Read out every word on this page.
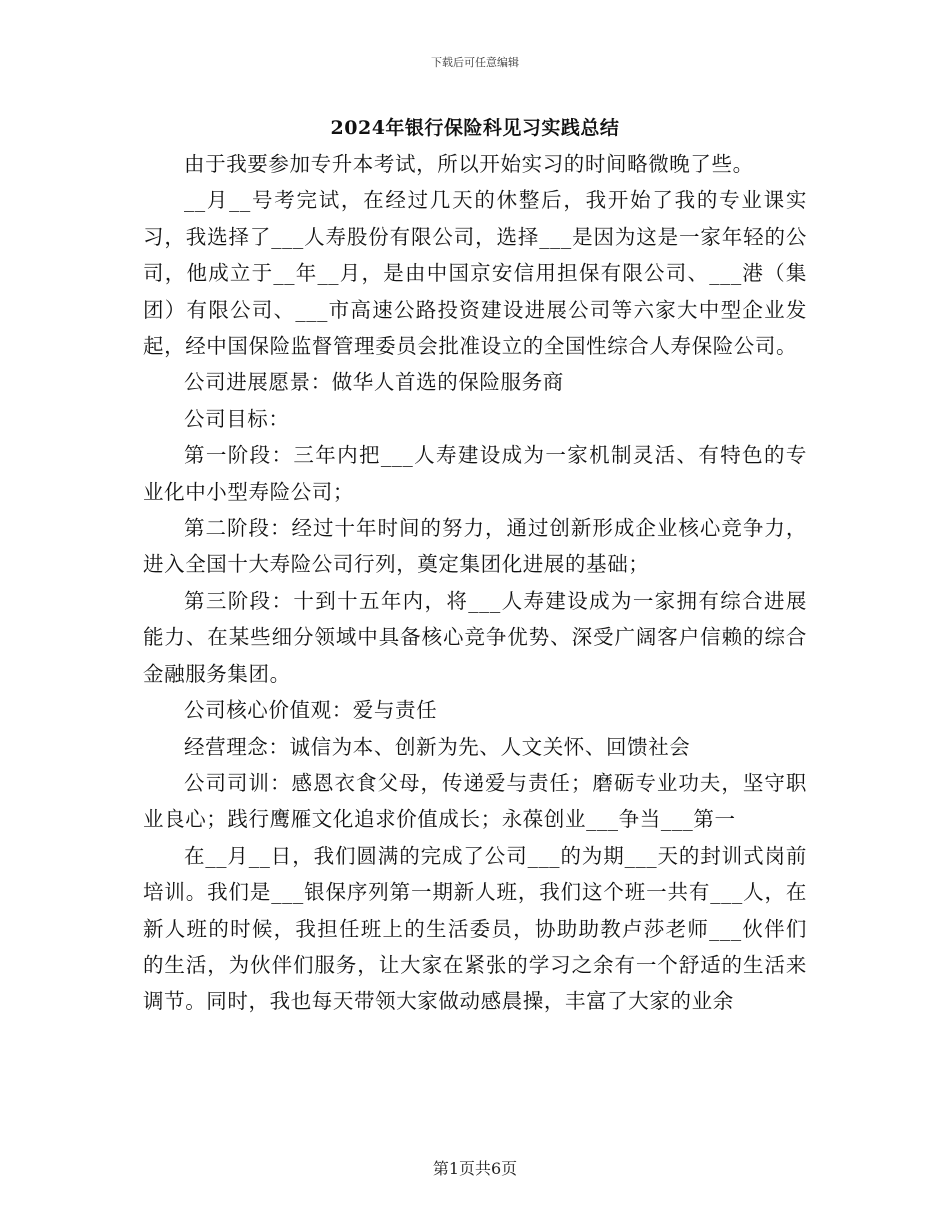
下载后可任意编辑
2024年银行保险科见习实践总结

由于我要参加专升本考试，所以开始实习的时间略微晚了些。

__月__号考完试，在经过几天的休整后，我开始了我的专业课实习，我选择了___人寿股份有限公司，选择___是因为这是一家年轻的公司，他成立于__年__月，是由中国京安信用担保有限公司、___港（集团）有限公司、___市高速公路投资建设进展公司等六家大中型企业发起，经中国保险监督管理委员会批准设立的全国性综合人寿保险公司。

公司进展愿景：做华人首选的保险服务商

公司目标：

第一阶段：三年内把___人寿建设成为一家机制灵活、有特色的专业化中小型寿险公司；

第二阶段：经过十年时间的努力，通过创新形成企业核心竞争力，进入全国十大寿险公司行列，奠定集团化进展的基础；

第三阶段：十到十五年内，将___人寿建设成为一家拥有综合进展能力、在某些细分领域中具备核心竞争优势、深受广阔客户信赖的综合金融服务集团。

公司核心价值观：爱与责任

经营理念：诚信为本、创新为先、人文关怀、回馈社会

公司司训：感恩衣食父母，传递爱与责任；磨砺专业功夫，坚守职业良心；践行鹰雁文化追求价值成长；永葆创业___争当___第一

在__月__日，我们圆满的完成了公司___的为期___天的封训式岗前培训。我们是___银保序列第一期新人班，我们这个班一共有___人，在新人班的时候，我担任班上的生活委员，协助助教卢莎老师___伙伴们的生活，为伙伴们服务，让大家在紧张的学习之余有一个舒适的生活来调节。同时，我也每天带领大家做动感晨操，丰富了大家的业余

第1页共6页
